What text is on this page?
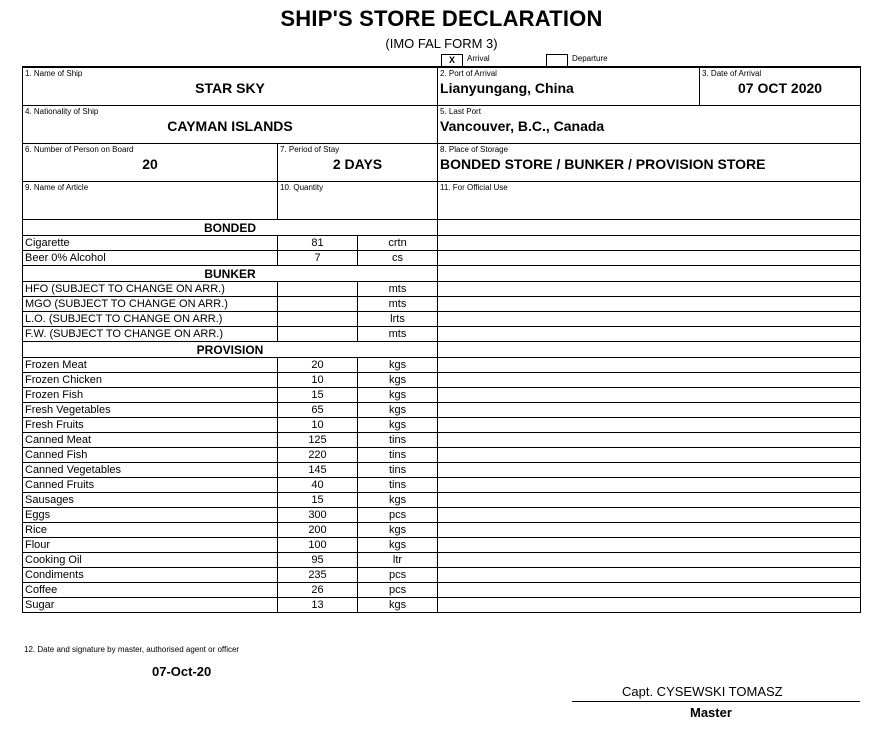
SHIP'S STORE DECLARATION
(IMO FAL FORM 3)
X	Arrival	Departure
1. Name of Ship
STAR SKY			2. Port of Arrival
Lianyungang, China	3. Date of Arrival
07 OCT 2020

4. Nationality of Ship
CAYMAN ISLANDS			5. Last Port
Vancouver, B.C., Canada	

6. Number of Person on Board
20	7. Period of Stay
2 DAYS		8. Place of Storage
BONDED STORE / BUNKER / PROVISION STORE	

9. Name of Article	10. Quantity		11. For Official Use	

BONDED				
Cigarette	81	crtn		
Beer 0% Alcohol	7	cs		
BUNKER				
HFO (SUBJECT TO CHANGE ON ARR.)		mts		
MGO (SUBJECT TO CHANGE ON ARR.)		mts		
L.O. (SUBJECT TO CHANGE ON ARR.)		lrts		
F.W. (SUBJECT TO CHANGE ON ARR.)		mts		
PROVISION				
Frozen Meat	20	kgs		
Frozen Chicken	10	kgs		
Frozen Fish	15	kgs		
Fresh Vegetables	65	kgs		
Fresh Fruits	10	kgs		
Canned Meat	125	tins		
Canned Fish	220	tins		
Canned Vegetables	145	tins		
Canned Fruits	40	tins		
Sausages	15	kgs		
Eggs	300	pcs		
Rice	200	kgs		
Flour	100	kgs		
Cooking Oil	95	ltr		
Condiments	235	pcs		
Coffee	26	pcs		
Sugar	13	kgs		
12. Date and signature by master, authorised agent or officer
07-Oct-20
Capt. CYSEWSKI TOMASZ
Master
